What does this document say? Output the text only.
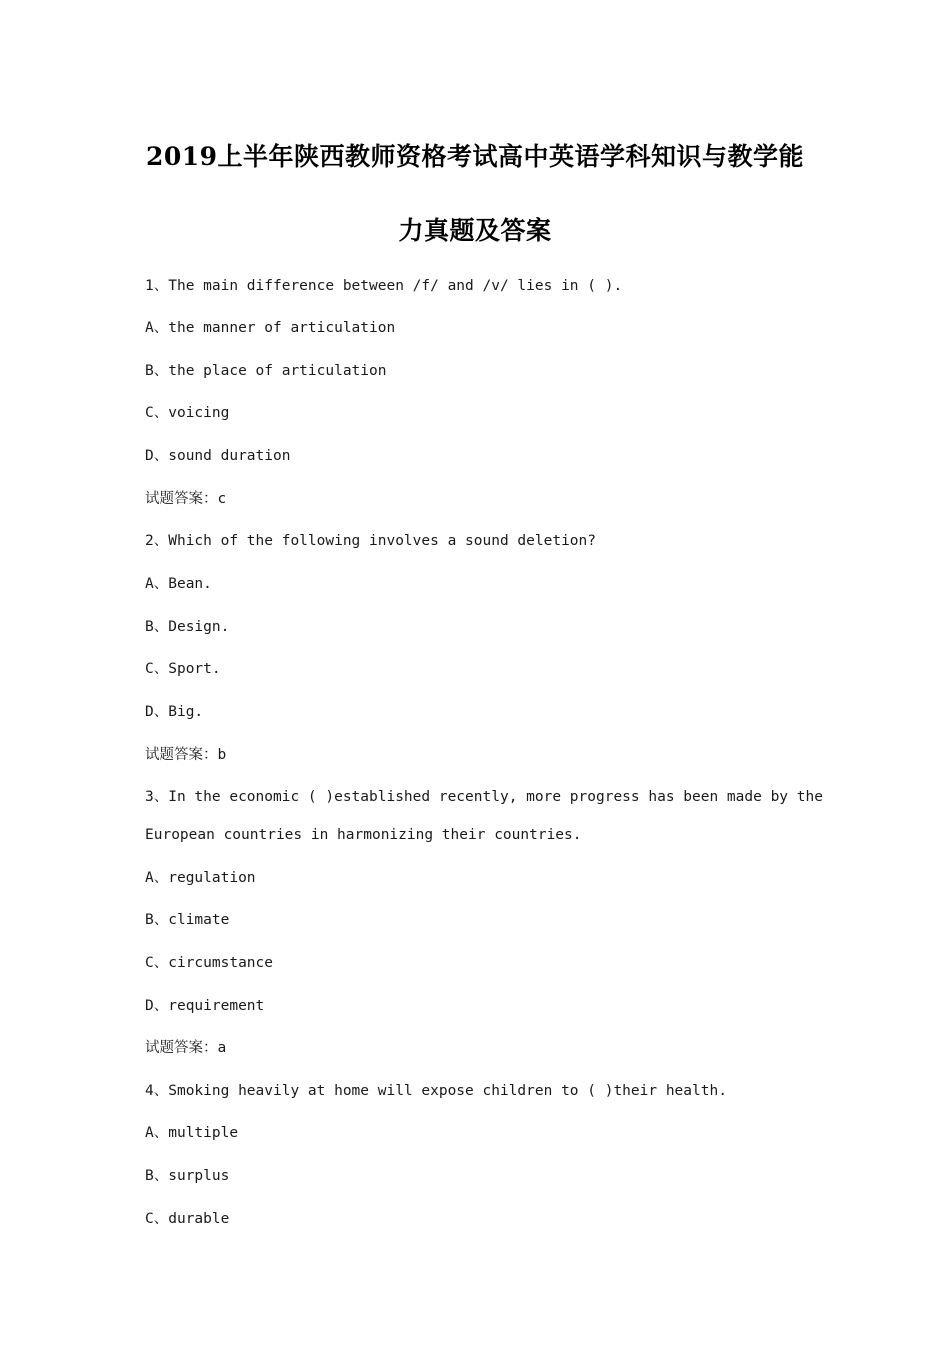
2019上半年陕西教师资格考试高中英语学科知识与教学能
力真题及答案
1、The main difference between /f/ and /v/ lies in ( ).
A、the manner of articulation
B、the place of articulation
C、voicing
D、sound duration
试题答案：c
2、Which of the following involves a sound deletion?
A、Bean.
B、Design.
C、Sport.
D、Big.
试题答案：b
3、In the economic ( )established recently, more progress has been made by the
European countries in harmonizing their countries.
A、regulation
B、climate
C、circumstance
D、requirement
试题答案：a
4、Smoking heavily at home will expose children to ( )their health.
A、multiple
B、surplus
C、durable
